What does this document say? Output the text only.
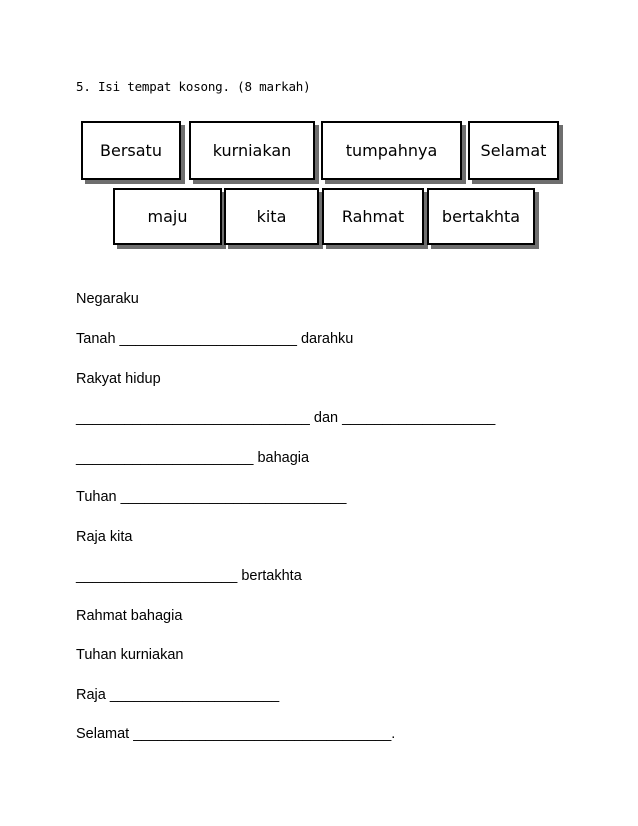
5. Isi tempat kosong. (8 markah)
Bersatu	kurniakan	tumpahnya	Selamat
maju	kita	Rahmat	bertakhta
Negaraku
Tanah ______________________ darahku
Rakyat hidup
_____________________________ dan ___________________
______________________ bahagia
Tuhan ____________________________
Raja kita
____________________ bertakhta
Rahmat bahagia
Tuhan kurniakan
Raja _____________________
Selamat ________________________________.
